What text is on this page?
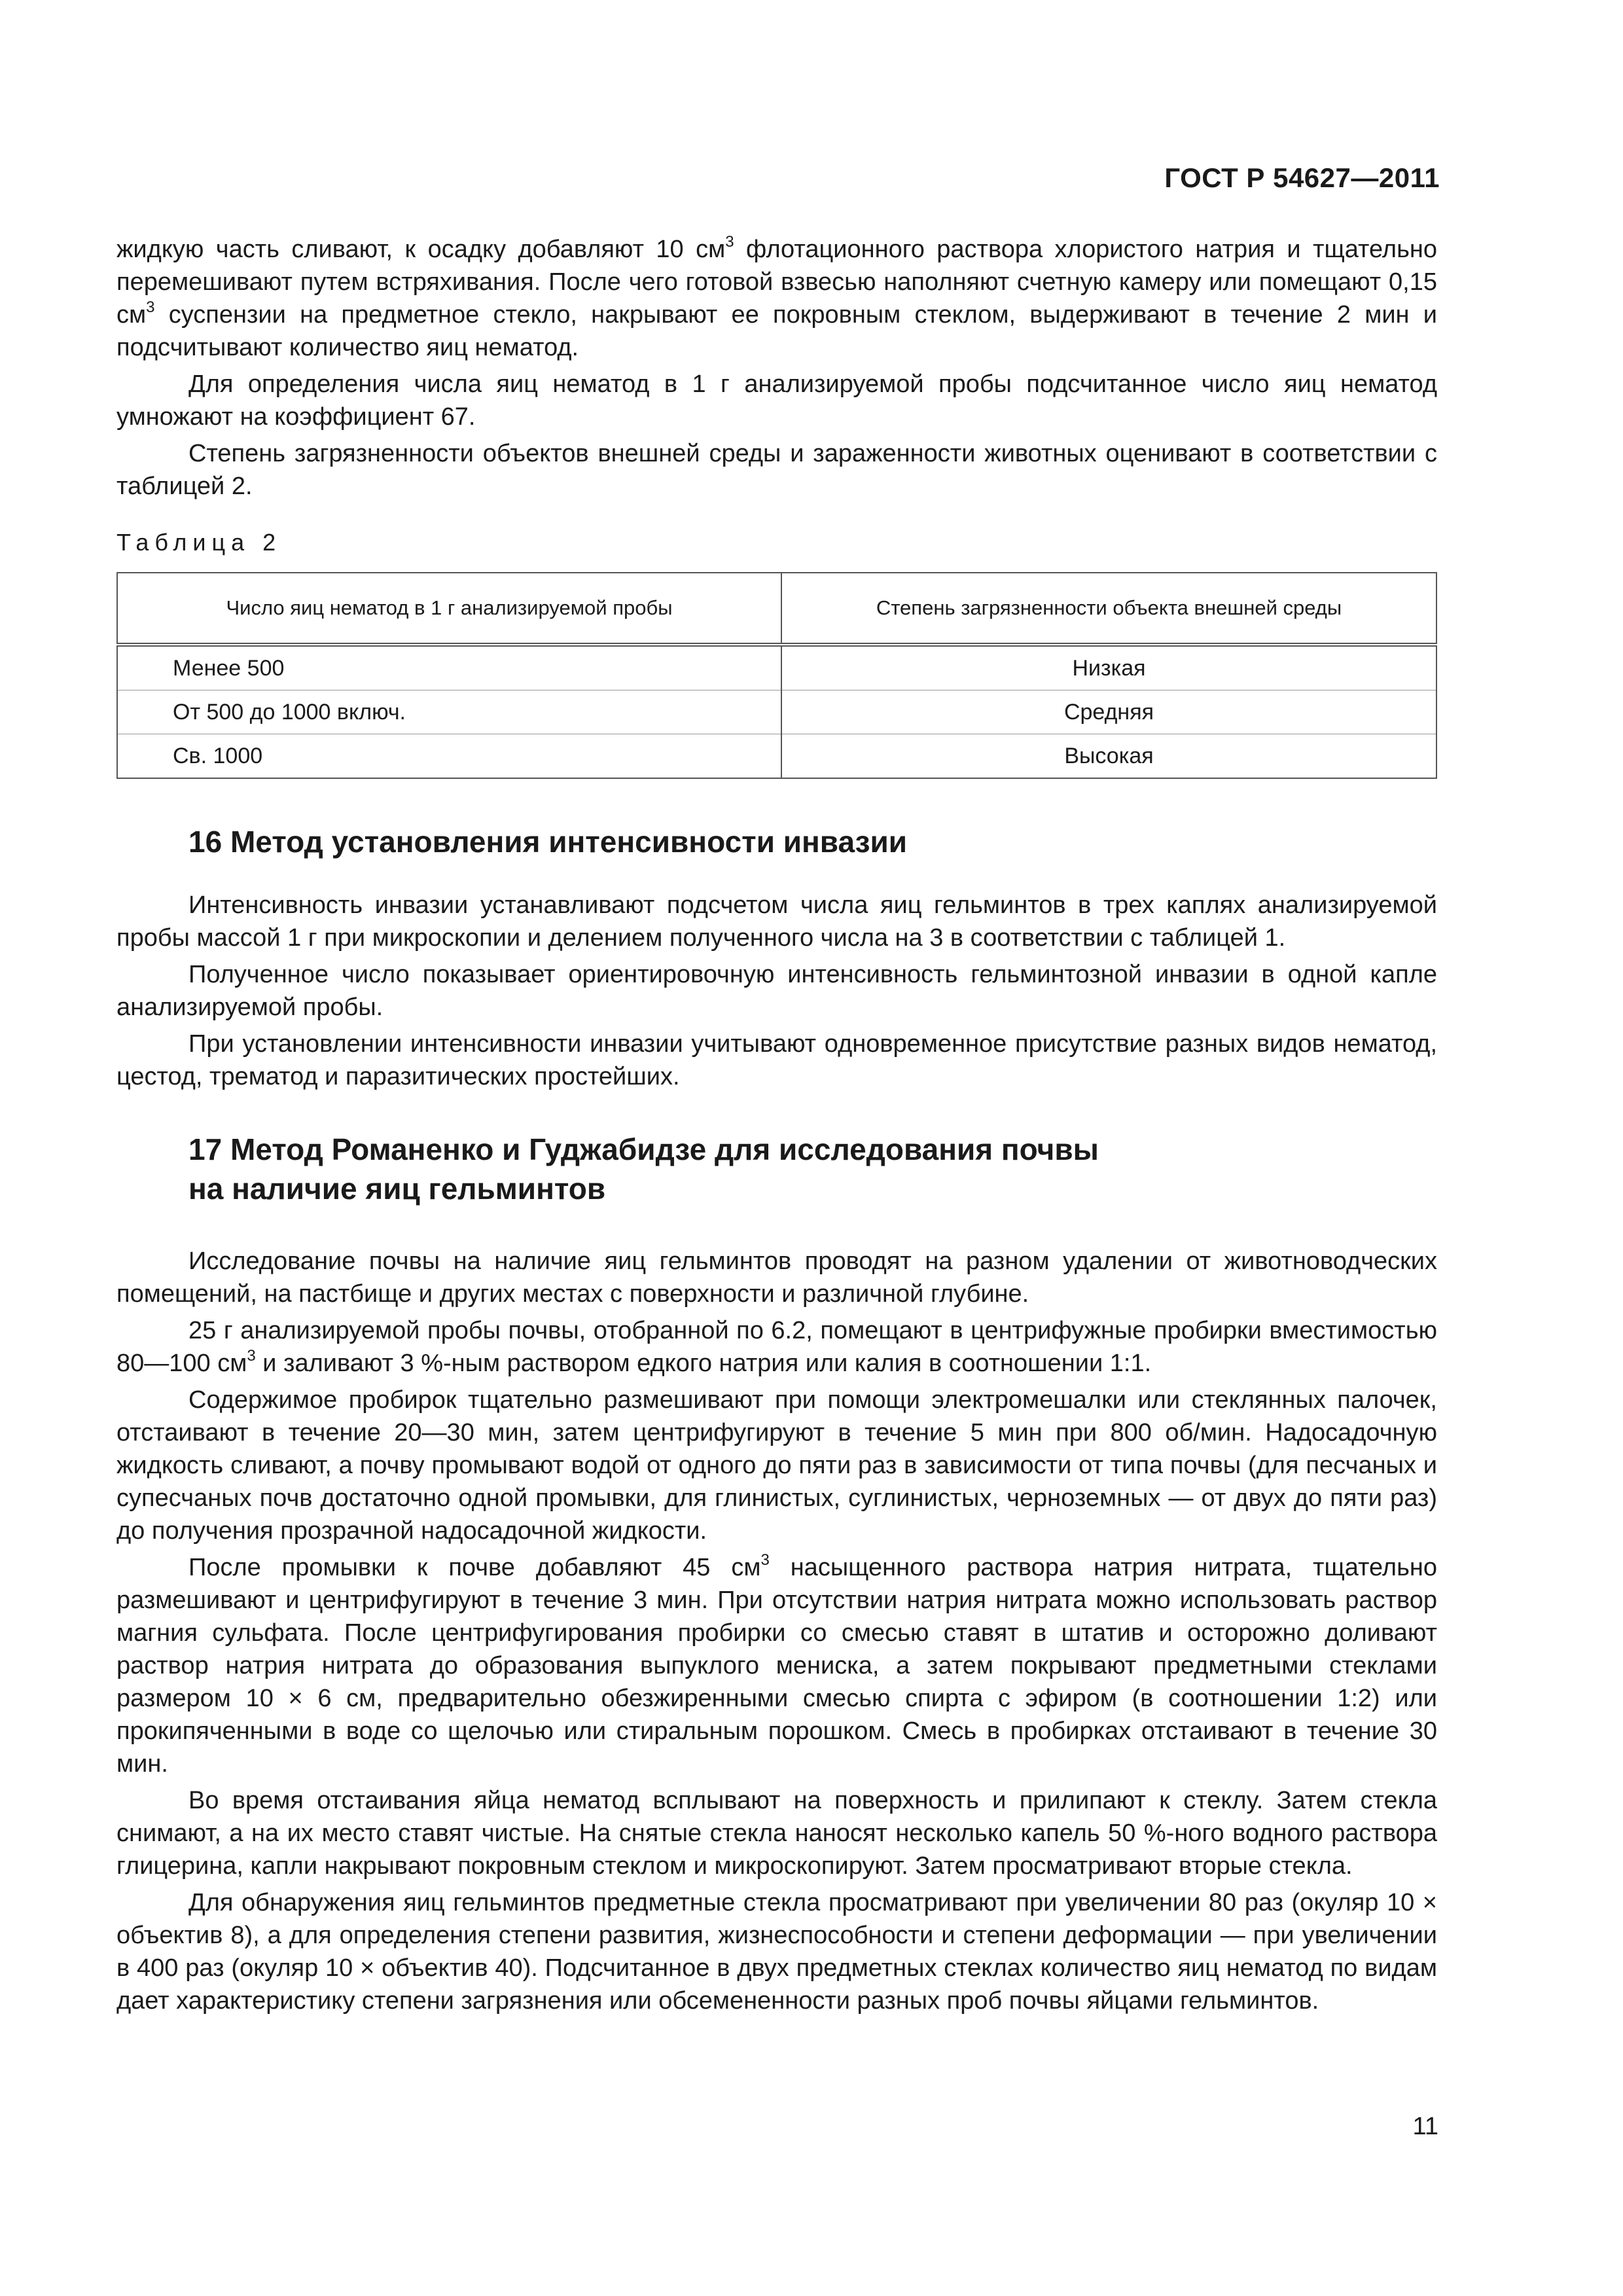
ГОСТ Р 54627—2011

жидкую часть сливают, к осадку добавляют 10 $см^3$ флотационного раствора хлористого натрия и тщательно перемешивают путем встряхивания. После чего готовой взвесью наполняют счетную камеру или помещают 0,15 $см^3$ суспензии на предметное стекло, накрывают ее покровным стеклом, выдерживают в течение 2 мин и подсчитывают количество яиц нематод.

Для определения числа яиц нематод в 1 г анализируемой пробы подсчитанное число яиц нематод умножают на коэффициент 67.

Степень загрязненности объектов внешней среды и зараженности животных оценивают в соответствии с таблицей 2.

Таблица 2
Число яиц нематод в 1 г анализируемой пробы	Степень загрязненности объекта внешней среды
Менее 500	Низкая
От 500 до 1000 включ.	Средняя
Св. 1000	Высокая
16 Метод установления интенсивности инвазии

Интенсивность инвазии устанавливают подсчетом числа яиц гельминтов в трех каплях анализируемой пробы массой 1 г при микроскопии и делением полученного числа на 3 в соответствии с таблицей 1.

Полученное число показывает ориентировочную интенсивность гельминтозной инвазии в одной капле анализируемой пробы.

При установлении интенсивности инвазии учитывают одновременное присутствие разных видов нематод, цестод, трематод и паразитических простейших.

17 Метод Романенко и Гуджабидзе для исследования почвы
на наличие яиц гельминтов

Исследование почвы на наличие яиц гельминтов проводят на разном удалении от животноводческих помещений, на пастбище и других местах с поверхности и различной глубине.

25 г анализируемой пробы почвы, отобранной по 6.2, помещают в центрифужные пробирки вместимостью 80—100 $см^3$ и заливают 3 %-ным раствором едкого натрия или калия в соотношении 1:1.

Содержимое пробирок тщательно размешивают при помощи электромешалки или стеклянных палочек, отстаивают в течение 20—30 мин, затем центрифугируют в течение 5 мин при 800 об/мин. Надосадочную жидкость сливают, а почву промывают водой от одного до пяти раз в зависимости от типа почвы (для песчаных и супесчаных почв достаточно одной промывки, для глинистых, суглинистых, черноземных — от двух до пяти раз) до получения прозрачной надосадочной жидкости.

После промывки к почве добавляют 45 $см^3$ насыщенного раствора натрия нитрата, тщательно размешивают и центрифугируют в течение 3 мин. При отсутствии натрия нитрата можно использовать раствор магния сульфата. После центрифугирования пробирки со смесью ставят в штатив и осторожно доливают раствор натрия нитрата до образования выпуклого мениска, а затем покрывают предметными стеклами размером 10 × 6 см, предварительно обезжиренными смесью спирта с эфиром (в соотношении 1:2) или прокипяченными в воде со щелочью или стиральным порошком. Смесь в пробирках отстаивают в течение 30 мин.

Во время отстаивания яйца нематод всплывают на поверхность и прилипают к стеклу. Затем стекла снимают, а на их место ставят чистые. На снятые стекла наносят несколько капель 50 %-ного водного раствора глицерина, капли накрывают покровным стеклом и микроскопируют. Затем просматривают вторые стекла.

Для обнаружения яиц гельминтов предметные стекла просматривают при увеличении 80 раз (окуляр 10 × объектив 8), а для определения степени развития, жизнеспособности и степени деформации — при увеличении в 400 раз (окуляр 10 × объектив 40). Подсчитанное в двух предметных стеклах количество яиц нематод по видам дает характеристику степени загрязнения или обсемененности разных проб почвы яйцами гельминтов.

11
